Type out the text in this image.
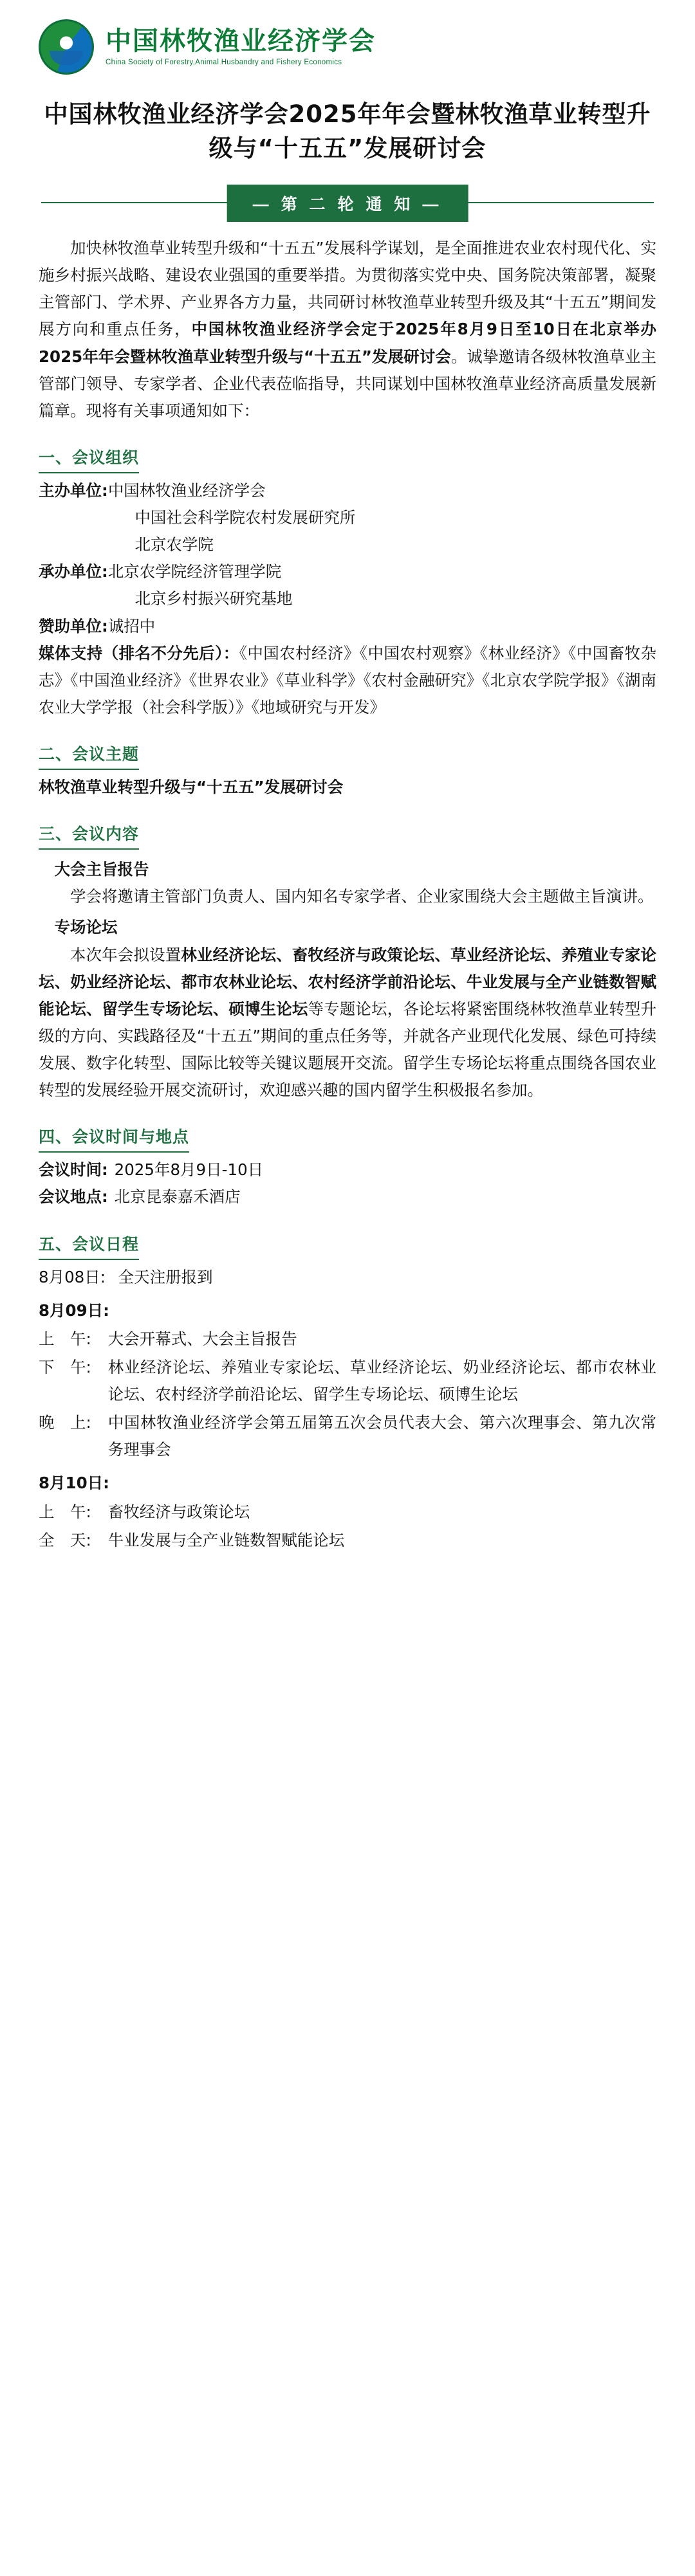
中国林牧渔业经济学会
China Society of Forestry,Animal Husbandry and Fishery Economics
中国林牧渔业经济学会2025年年会暨林牧渔草业转型升级与“十五五”发展研讨会
— 第 二 轮 通 知 —

加快林牧渔草业转型升级和“十五五”发展科学谋划，是全面推进农业农村现代化、实施乡村振兴战略、建设农业强国的重要举措。为贯彻落实党中央、国务院决策部署，凝聚主管部门、学术界、产业界各方力量，共同研讨林牧渔草业转型升级及其“十五五”期间发展方向和重点任务，中国林牧渔业经济学会定于2025年8月9日至10日在北京举办2025年年会暨林牧渔草业转型升级与“十五五”发展研讨会。诚挚邀请各级林牧渔草业主管部门领导、专家学者、企业代表莅临指导，共同谋划中国林牧渔草业经济高质量发展新篇章。现将有关事项通知如下：

一、会议组织
主办单位: 中国林牧渔业经济学会
中国社会科学院农村发展研究所
北京农学院
承办单位: 北京农学院经济管理学院
北京乡村振兴研究基地
赞助单位: 诚招中
媒体支持（排名不分先后）：《中国农村经济》《中国农村观察》《林业经济》《中国畜牧杂志》《中国渔业经济》《世界农业》《草业科学》《农村金融研究》《北京农学院学报》《湖南农业大学学报（社会科学版）》《地域研究与开发》
二、会议主题
林牧渔草业转型升级与“十五五”发展研讨会
三、会议内容
大会主旨报告

学会将邀请主管部门负责人、国内知名专家学者、企业家围绕大会主题做主旨演讲。

专场论坛

本次年会拟设置林业经济论坛、畜牧经济与政策论坛、草业经济论坛、养殖业专家论坛、奶业经济论坛、都市农林业论坛、农村经济学前沿论坛、牛业发展与全产业链数智赋能论坛、留学生专场论坛、硕博生论坛等专题论坛，各论坛将紧密围绕林牧渔草业转型升级的方向、实践路径及“十五五”期间的重点任务等，并就各产业现代化发展、绿色可持续发展、数字化转型、国际比较等关键议题展开交流。留学生专场论坛将重点围绕各国农业转型的发展经验开展交流研讨，欢迎感兴趣的国内留学生积极报名参加。

四、会议时间与地点
会议时间: 2025年8月9日-10日
会议地点: 北京昆泰嘉禾酒店
五、会议日程
8月08日: 全天注册报到
8月09日:
上　午:	大会开幕式、大会主旨报告
下　午:	林业经济论坛、养殖业专家论坛、草业经济论坛、奶业经济论坛、都市农林业论坛、农村经济学前沿论坛、留学生专场论坛、硕博生论坛
晚　上:	中国林牧渔业经济学会第五届第五次会员代表大会、第六次理事会、第九次常务理事会
8月10日:
上　午:	畜牧经济与政策论坛
全　天:	牛业发展与全产业链数智赋能论坛
